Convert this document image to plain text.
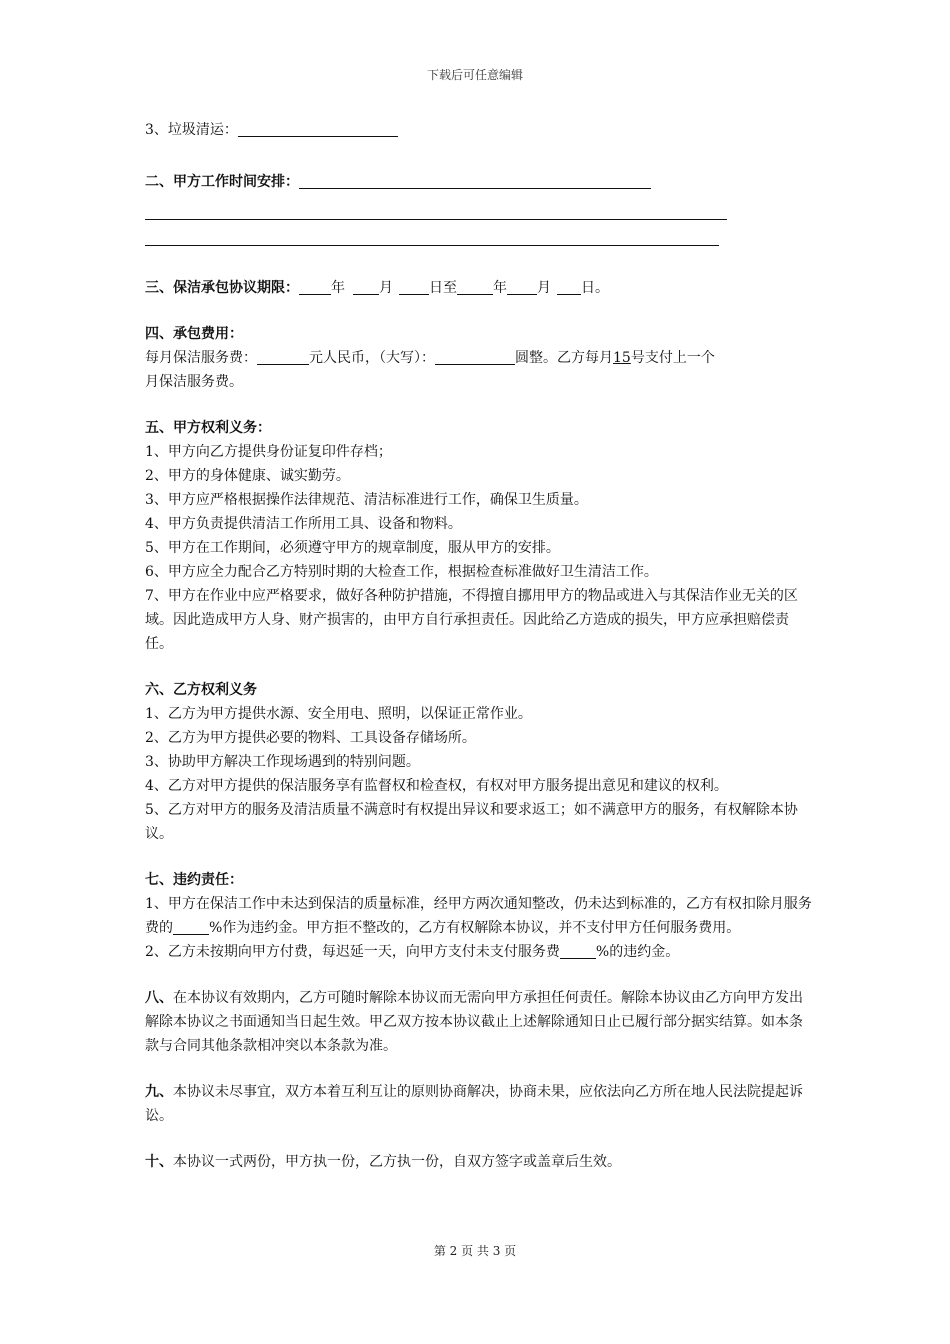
下载后可任意编辑
3、垃圾清运：
二、甲方工作时间安排：
三、保洁承包协议期限： 年 月	日至	年 月 日。
四、承包费用：
每月保洁服务费：	元人民币，（大写）：	圆整。乙方每月15号支付上一个
月保洁服务费。
五、甲方权利义务：
1、甲方向乙方提供身份证复印件存档；
2、甲方的身体健康、诚实勤劳。
3、甲方应严格根据操作法律规范、清洁标准进行工作，确保卫生质量。
4、甲方负责提供清洁工作所用工具、设备和物料。
5、甲方在工作期间，必须遵守甲方的规章制度，服从甲方的安排。
6、甲方应全力配合乙方特别时期的大检查工作，根据检查标准做好卫生清洁工作。
7、甲方在作业中应严格要求，做好各种防护措施，不得擅自挪用甲方的物品或进入与其保洁作业无关的区域。因此造成甲方人身、财产损害的，由甲方自行承担责任。因此给乙方造成的损失，甲方应承担赔偿责任。
六、乙方权利义务
1、乙方为甲方提供水源、安全用电、照明，以保证正常作业。
2、乙方为甲方提供必要的物料、工具设备存储场所。
3、协助甲方解决工作现场遇到的特别问题。
4、乙方对甲方提供的保洁服务享有监督权和检查权，有权对甲方服务提出意见和建议的权利。
5、乙方对甲方的服务及清洁质量不满意时有权提出异议和要求返工；如不满意甲方的服务，有权解除本协议。
七、违约责任：
1、甲方在保洁工作中未达到保洁的质量标准，经甲方两次通知整改，仍未达到标准的，乙方有权扣除月服务费的	%作为违约金。甲方拒不整改的，乙方有权解除本协议，并不支付甲方任何服务费用。
2、乙方未按期向甲方付费，每迟延一天，向甲方支付未支付服务费	%的违约金。
八、在本协议有效期内，乙方可随时解除本协议而无需向甲方承担任何责任。解除本协议由乙方向甲方发出解除本协议之书面通知当日起生效。甲乙双方按本协议截止上述解除通知日止已履行部分据实结算。如本条款与合同其他条款相冲突以本条款为准。
九、本协议未尽事宜，双方本着互利互让的原则协商解决，协商未果，应依法向乙方所在地人民法院提起诉讼。
十、本协议一式两份，甲方执一份，乙方执一份，自双方签字或盖章后生效。
第 2 页 共 3 页
